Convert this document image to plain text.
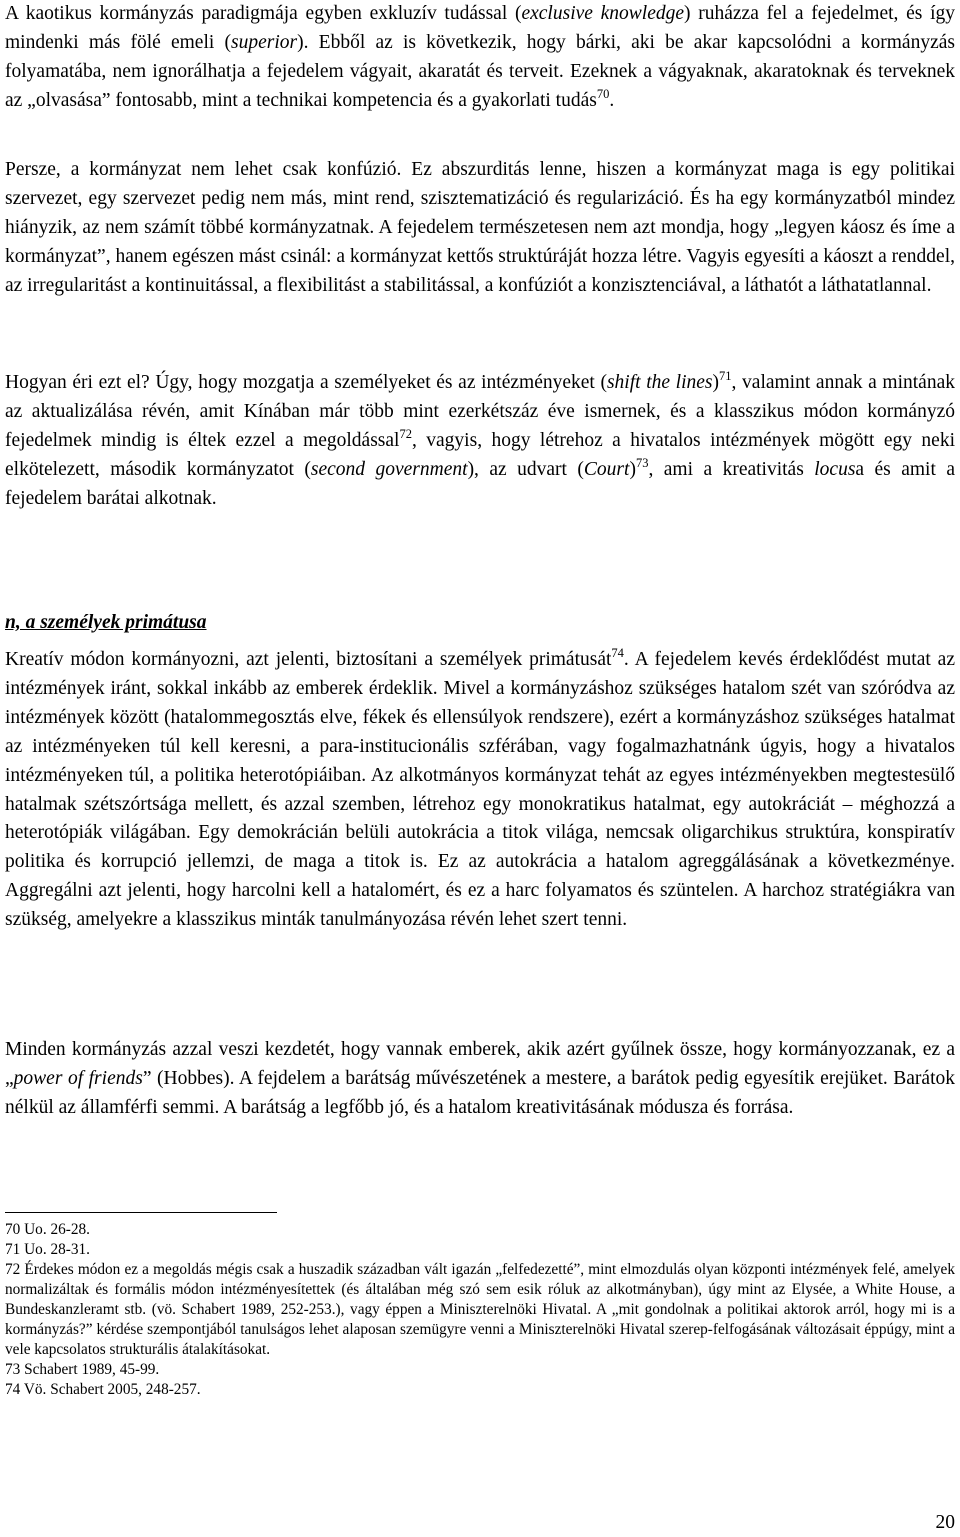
A kaotikus kormányzás paradigmája egyben exkluzív tudással (exclusive knowledge) ruházza fel a fejedelmet, és így mindenki más fölé emeli (superior). Ebből az is következik, hogy bárki, aki be akar kapcsolódni a kormányzás folyamatába, nem ignorálhatja a fejedelem vágyait, akaratát és terveit. Ezeknek a vágyaknak, akaratoknak és terveknek az „olvasása” fontosabb, mint a technikai kompetencia és a gyakorlati tudás$^{70}$.

Persze, a kormányzat nem lehet csak konfúzió. Ez abszurditás lenne, hiszen a kormányzat maga is egy politikai szervezet, egy szervezet pedig nem más, mint rend, szisztematizáció és regularizáció. És ha egy kormányzatból mindez hiányzik, az nem számít többé kormányzatnak. A fejedelem természetesen nem azt mondja, hogy „legyen káosz és íme a kormányzat”, hanem egészen mást csinál: a kormányzat kettős struktúráját hozza létre. Vagyis egyesíti a káoszt a renddel, az irregularitást a kontinuitással, a flexibilitást a stabilitással, a konfúziót a konzisztenciával, a láthatót a láthatatlannal.

Hogyan éri ezt el? Úgy, hogy mozgatja a személyeket és az intézményeket (shift the lines)$^{71}$, valamint annak a mintának az aktualizálása révén, amit Kínában már több mint ezerkétszáz éve ismernek, és a klasszikus módon kormányzó fejedelmek mindig is éltek ezzel a megoldással$^{72}$, vagyis, hogy létrehoz a hivatalos intézmények mögött egy neki elkötelezett, második kormányzatot (second government), az udvart (Court)$^{73}$, ami a kreativitás locusa és amit a fejedelem barátai alkotnak.

n, a személyek primátusa

Kreatív módon kormányozni, azt jelenti, biztosítani a személyek primátusát$^{74}$. A fejedelem kevés érdeklődést mutat az intézmények iránt, sokkal inkább az emberek érdeklik. Mivel a kormányzáshoz szükséges hatalom szét van szóródva az intézmények között (hatalommegosztás elve, fékek és ellensúlyok rendszere), ezért a kormányzáshoz szükséges hatalmat az intézményeken túl kell keresni, a para-institucionális szférában, vagy fogalmazhatnánk úgyis, hogy a hivatalos intézményeken túl, a politika heterotópiáiban. Az alkotmányos kormányzat tehát az egyes intézményekben megtestesülő hatalmak szétszórtsága mellett, és azzal szemben, létrehoz egy monokratikus hatalmat, egy autokráciát – méghozzá a heterotópiák világában. Egy demokrácián belüli autokrácia a titok világa, nemcsak oligarchikus struktúra, konspiratív politika és korrupció jellemzi, de maga a titok is. Ez az autokrácia a hatalom agreggálásának a következménye. Aggregálni azt jelenti, hogy harcolni kell a hatalomért, és ez a harc folyamatos és szüntelen. A harchoz stratégiákra van szükség, amelyekre a klasszikus minták tanulmányozása révén lehet szert tenni.

Minden kormányzás azzal veszi kezdetét, hogy vannak emberek, akik azért gyűlnek össze, hogy kormányozzanak, ez a „power of friends” (Hobbes). A fejdelem a barátság művészetének a mestere, a barátok pedig egyesítik erejüket. Barátok nélkül az államférfi semmi. A barátság a legfőbb jó, és a hatalom kreativitásának módusza és forrása.

70 Uo. 26-28.

71 Uo. 28-31.

72 Érdekes módon ez a megoldás mégis csak a huszadik században vált igazán „felfedezetté”, mint elmozdulás olyan központi intézmények felé, amelyek normalizáltak és formális módon intézményesítettek (és általában még szó sem esik róluk az alkotmányban), úgy mint az Elysée, a White House, a Bundeskanzleramt stb. (vö. Schabert 1989, 252-253.), vagy éppen a Miniszterelnöki Hivatal. A „mit gondolnak a politikai aktorok arról, hogy mi is a kormányzás?” kérdése szempontjából tanulságos lehet alaposan szemügyre venni a Miniszterelnöki Hivatal szerep-felfogásának változásait éppúgy, mint a vele kapcsolatos strukturális átalakításokat.

73 Schabert 1989, 45-99.

74 Vö. Schabert 2005, 248-257.

20
